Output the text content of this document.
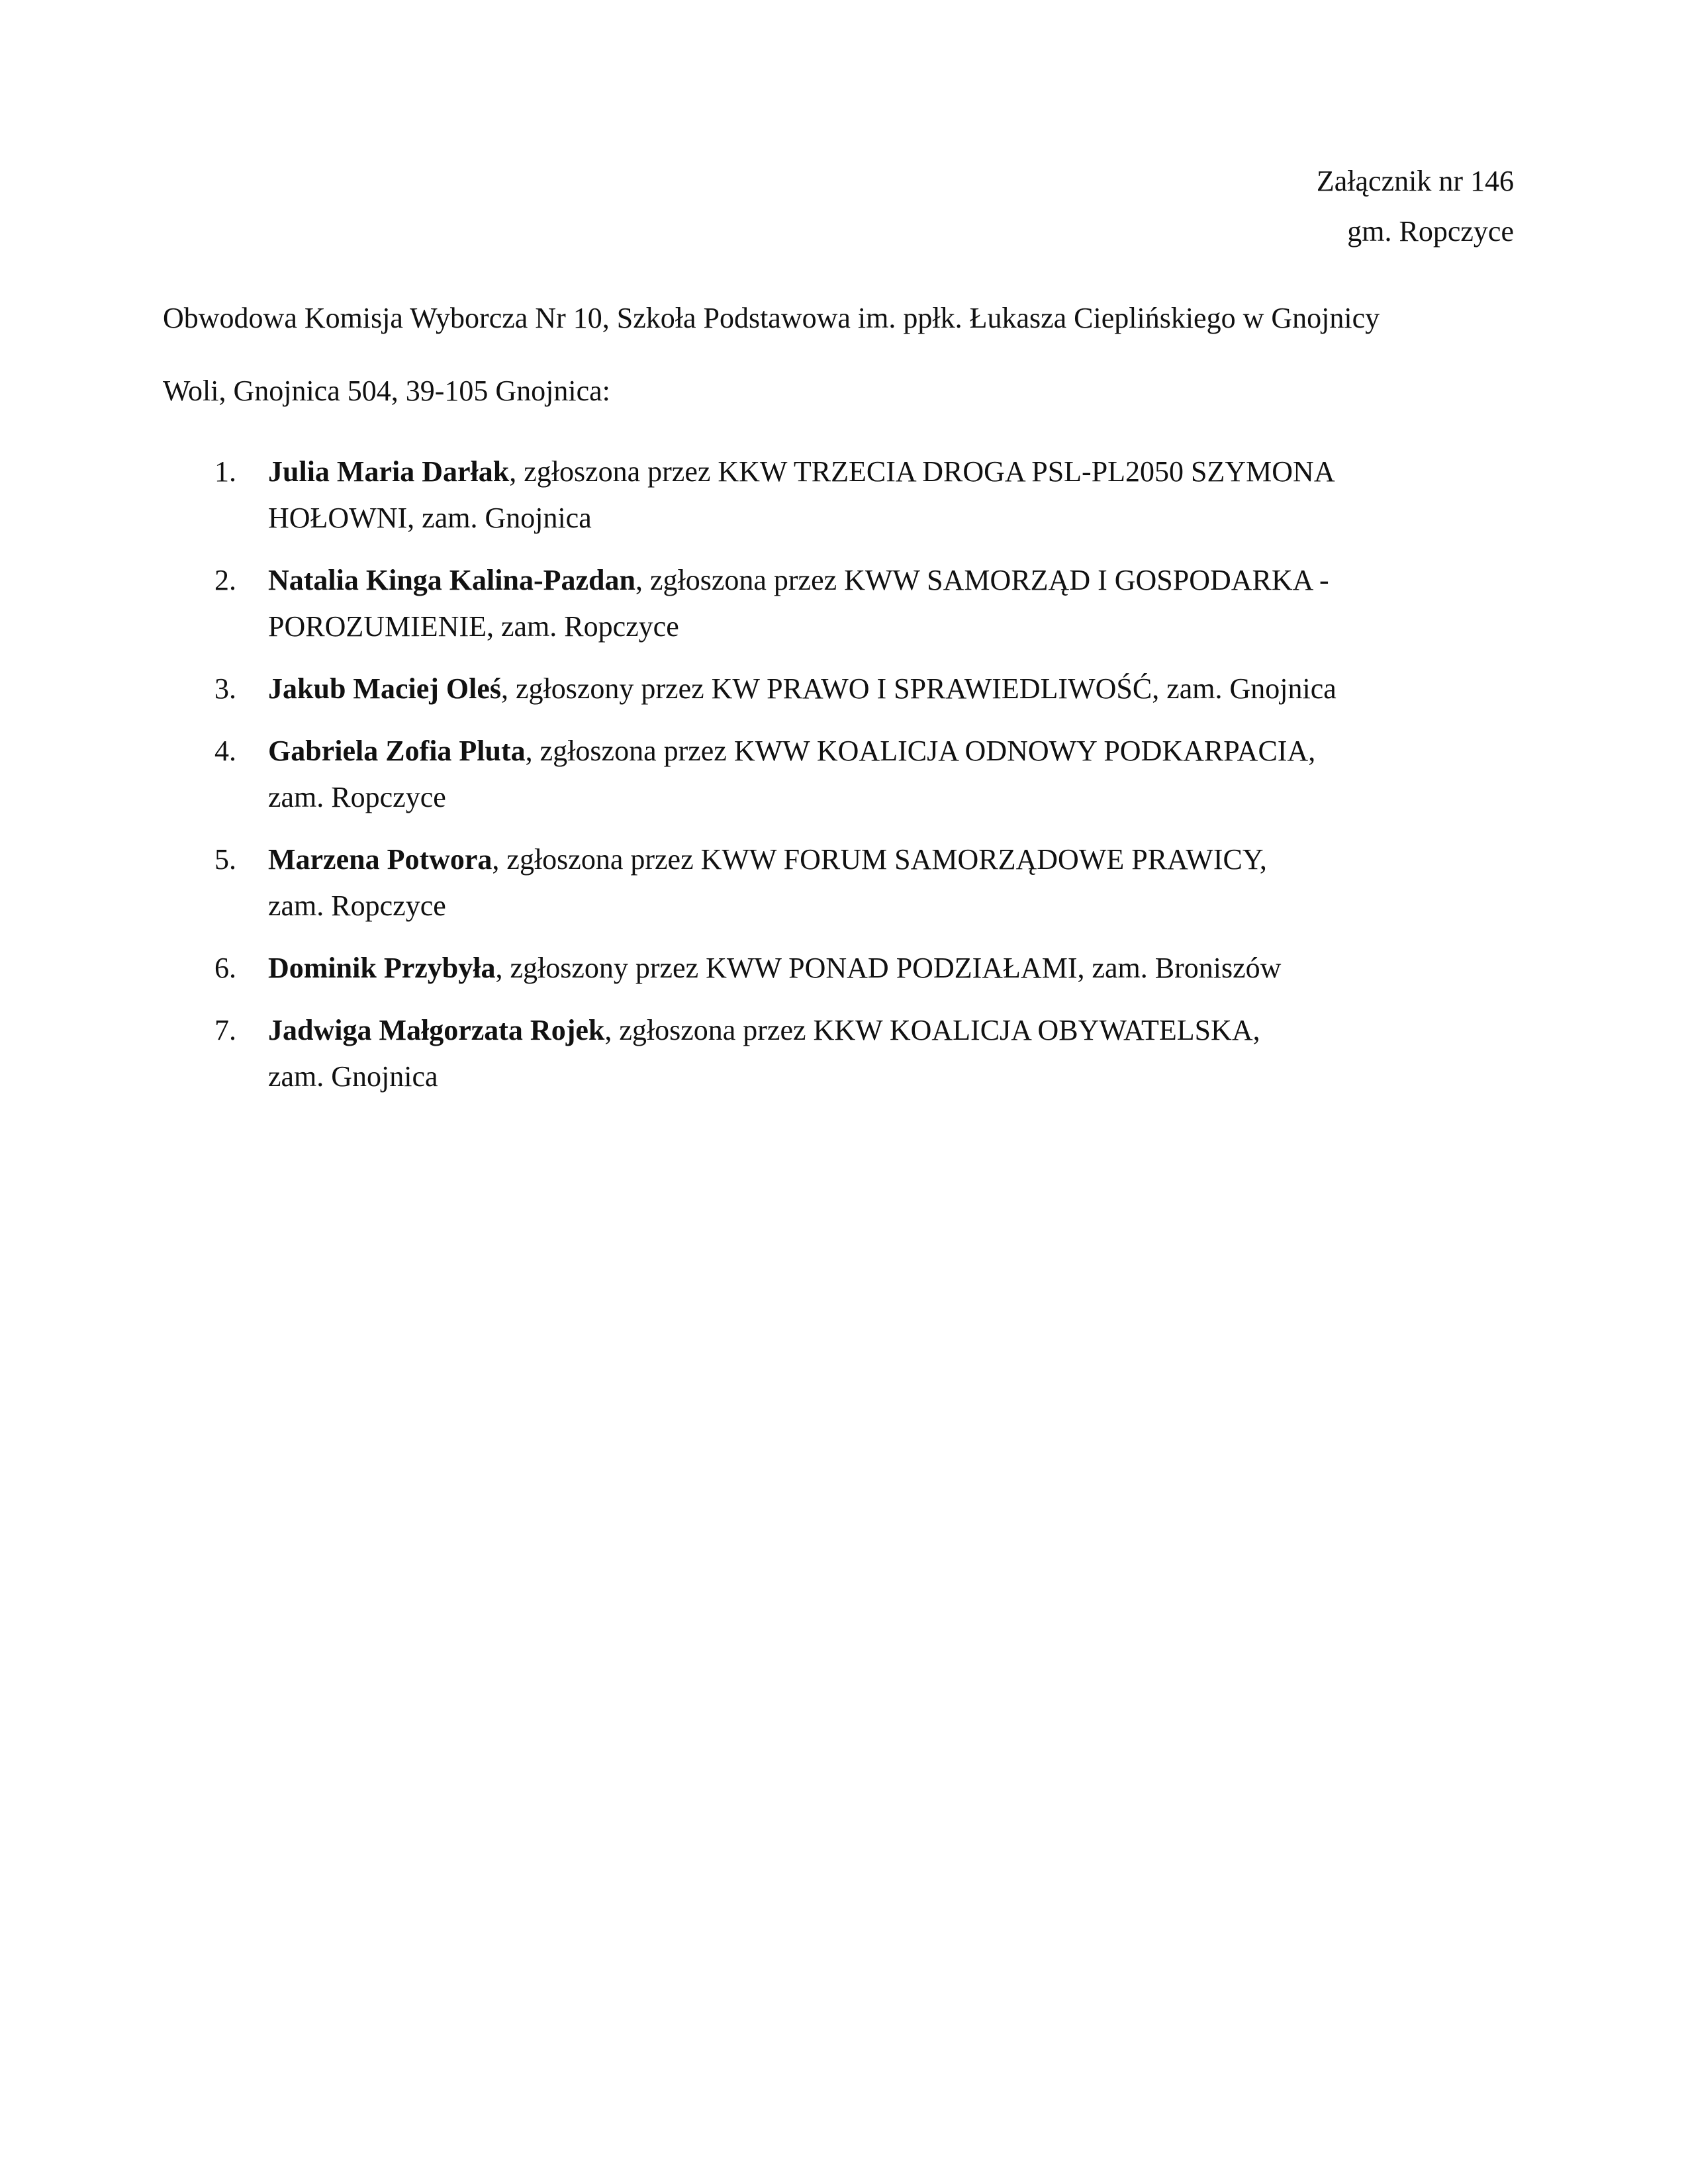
Załącznik nr 146
gm. Ropczyce
Obwodowa Komisja Wyborcza Nr 10, Szkoła Podstawowa im. ppłk. Łukasza Cieplińskiego w Gnojnicy
Woli, Gnojnica 504, 39-105 Gnojnica:
1. Julia Maria Darłak, zgłoszona przez KKW TRZECIA DROGA PSL-PL2050 SZYMONA
HOŁOWNI, zam. Gnojnica
2. Natalia Kinga Kalina-Pazdan, zgłoszona przez KWW SAMORZĄD I GOSPODARKA -
POROZUMIENIE, zam. Ropczyce
3. Jakub Maciej Oleś, zgłoszony przez KW PRAWO I SPRAWIEDLIWOŚĆ, zam. Gnojnica
4. Gabriela Zofia Pluta, zgłoszona przez KWW KOALICJA ODNOWY PODKARPACIA,
zam. Ropczyce
5. Marzena Potwora, zgłoszona przez KWW FORUM SAMORZĄDOWE PRAWICY,
zam. Ropczyce
6. Dominik Przybyła, zgłoszony przez KWW PONAD PODZIAŁAMI, zam. Broniszów
7. Jadwiga Małgorzata Rojek, zgłoszona przez KKW KOALICJA OBYWATELSKA,
zam. Gnojnica
